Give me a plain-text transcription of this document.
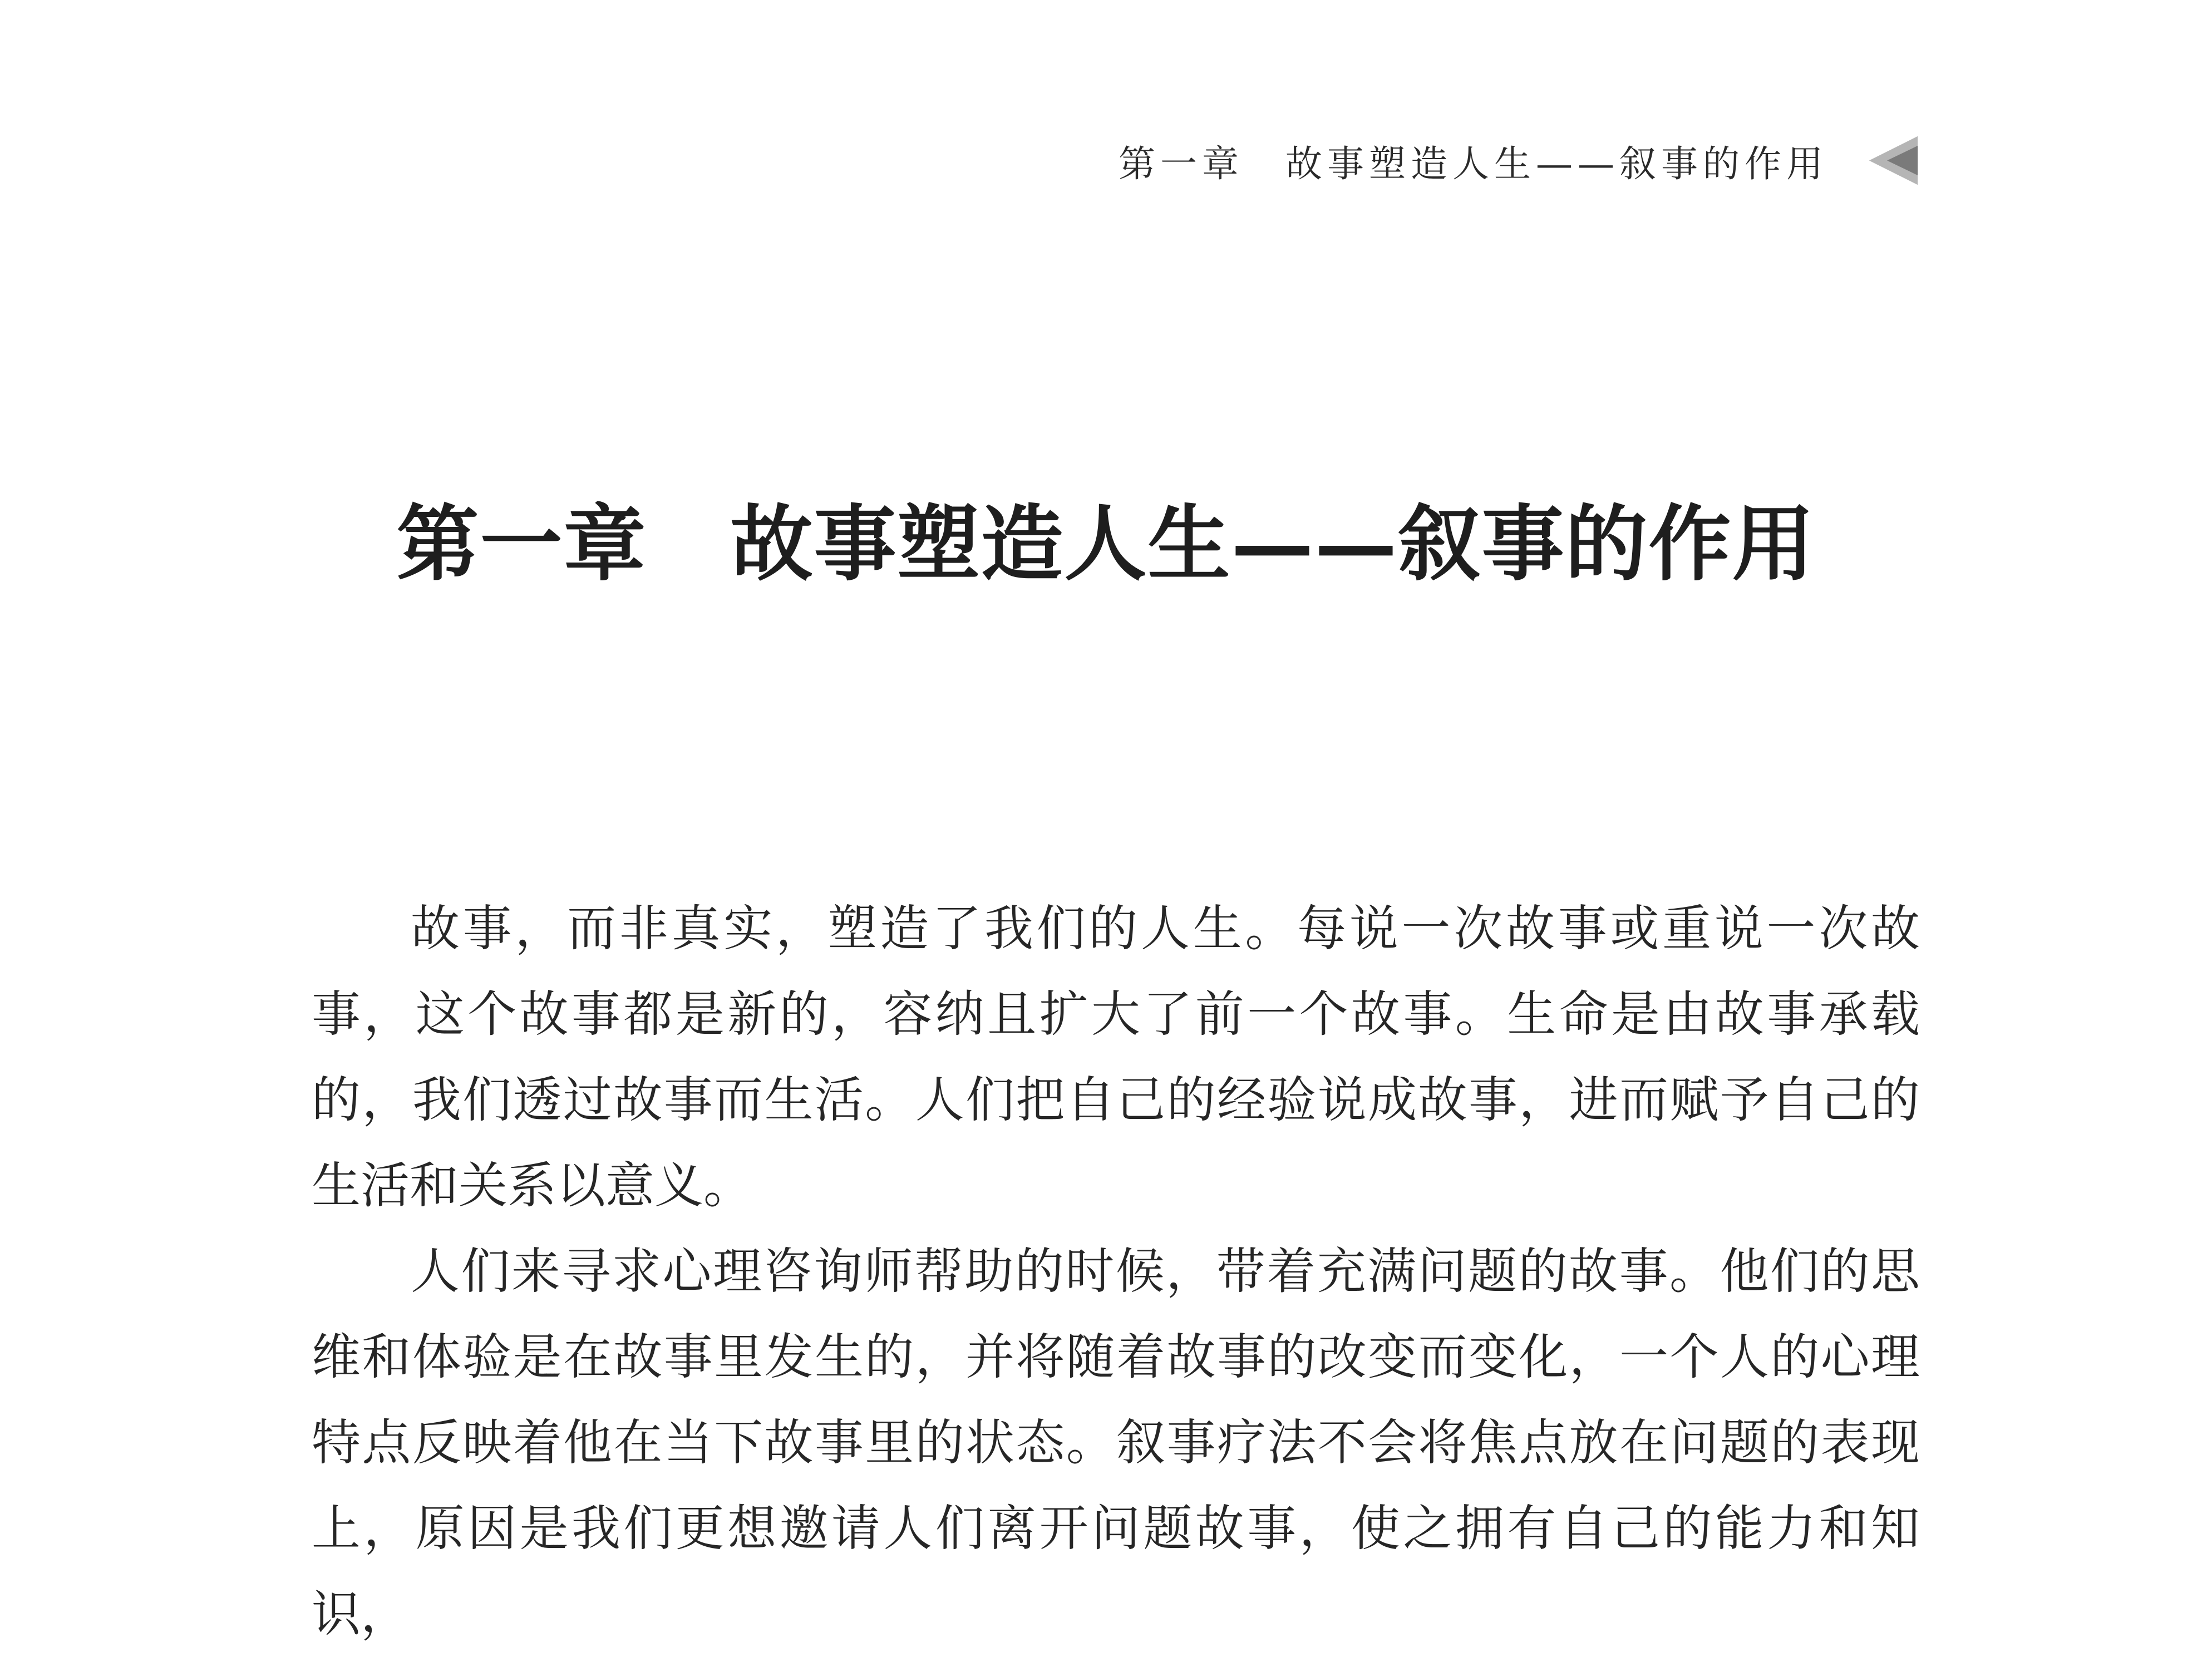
第一章　故事塑造人生——叙事的作用
第一章　故事塑造人生——叙事的作用

故事，而非真实，塑造了我们的人生。每说一次故事或重说一次故事，这个故事都是新的，容纳且扩大了前一个故事。生命是由故事承载的，我们透过故事而生活。人们把自己的经验说成故事，进而赋予自己的生活和关系以意义。

人们来寻求心理咨询师帮助的时候，带着充满问题的故事。他们的思维和体验是在故事里发生的，并将随着故事的改变而变化，一个人的心理特点反映着他在当下故事里的状态。叙事疗法不会将焦点放在问题的表现上，原因是我们更想邀请人们离开问题故事，使之拥有自己的能力和知识，
